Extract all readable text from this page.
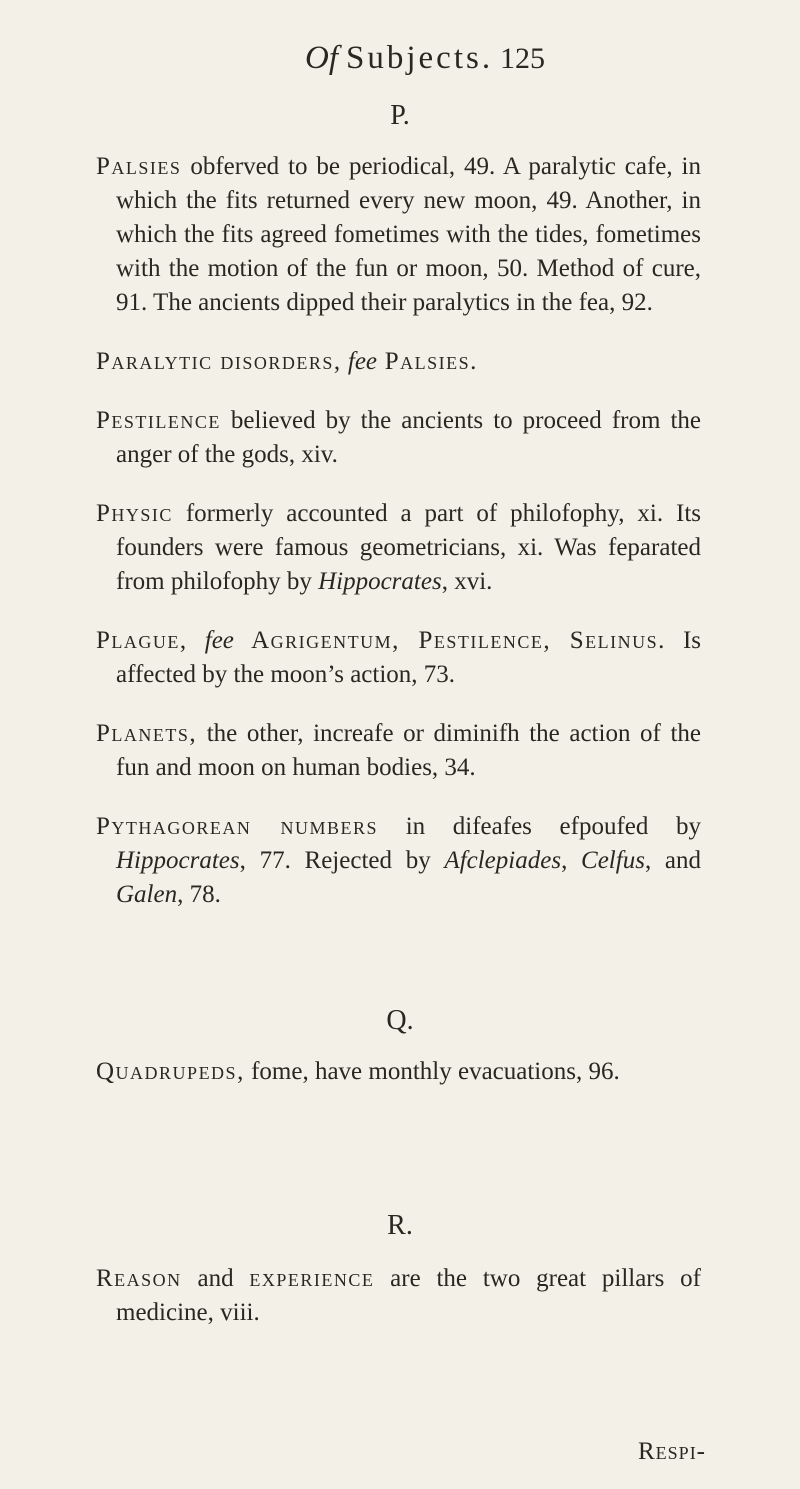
Of Subjects. 125
P.

Palsies obferved to be periodical, 49. A paralytic cafe, in which the fits returned every new moon, 49. Another, in which the fits agreed fometimes with the tides, fometimes with the motion of the fun or moon, 50. Method of cure, 91. The ancients dipped their paralytics in the fea, 92.

Paralytic disorders, fee Palsies.

Pestilence believed by the ancients to proceed from the anger of the gods, xiv.

Physic formerly accounted a part of philofophy, xi. Its founders were famous geometricians, xi. Was feparated from philofophy by Hippocrates, xvi.

Plague, fee Agrigentum, Pestilence, Selinus. Is affected by the moon’s action, 73.

Planets, the other, increafe or diminifh the action of the fun and moon on human bodies, 34.

Pythagorean numbers in difeafes efpoufed by Hippocrates, 77. Rejected by Afclepiades, Celfus, and Galen, 78.

Q.

Quadrupeds, fome, have monthly evacuations, 96.

R.

Reason and experience are the two great pillars of medicine, viii.

Respi-
